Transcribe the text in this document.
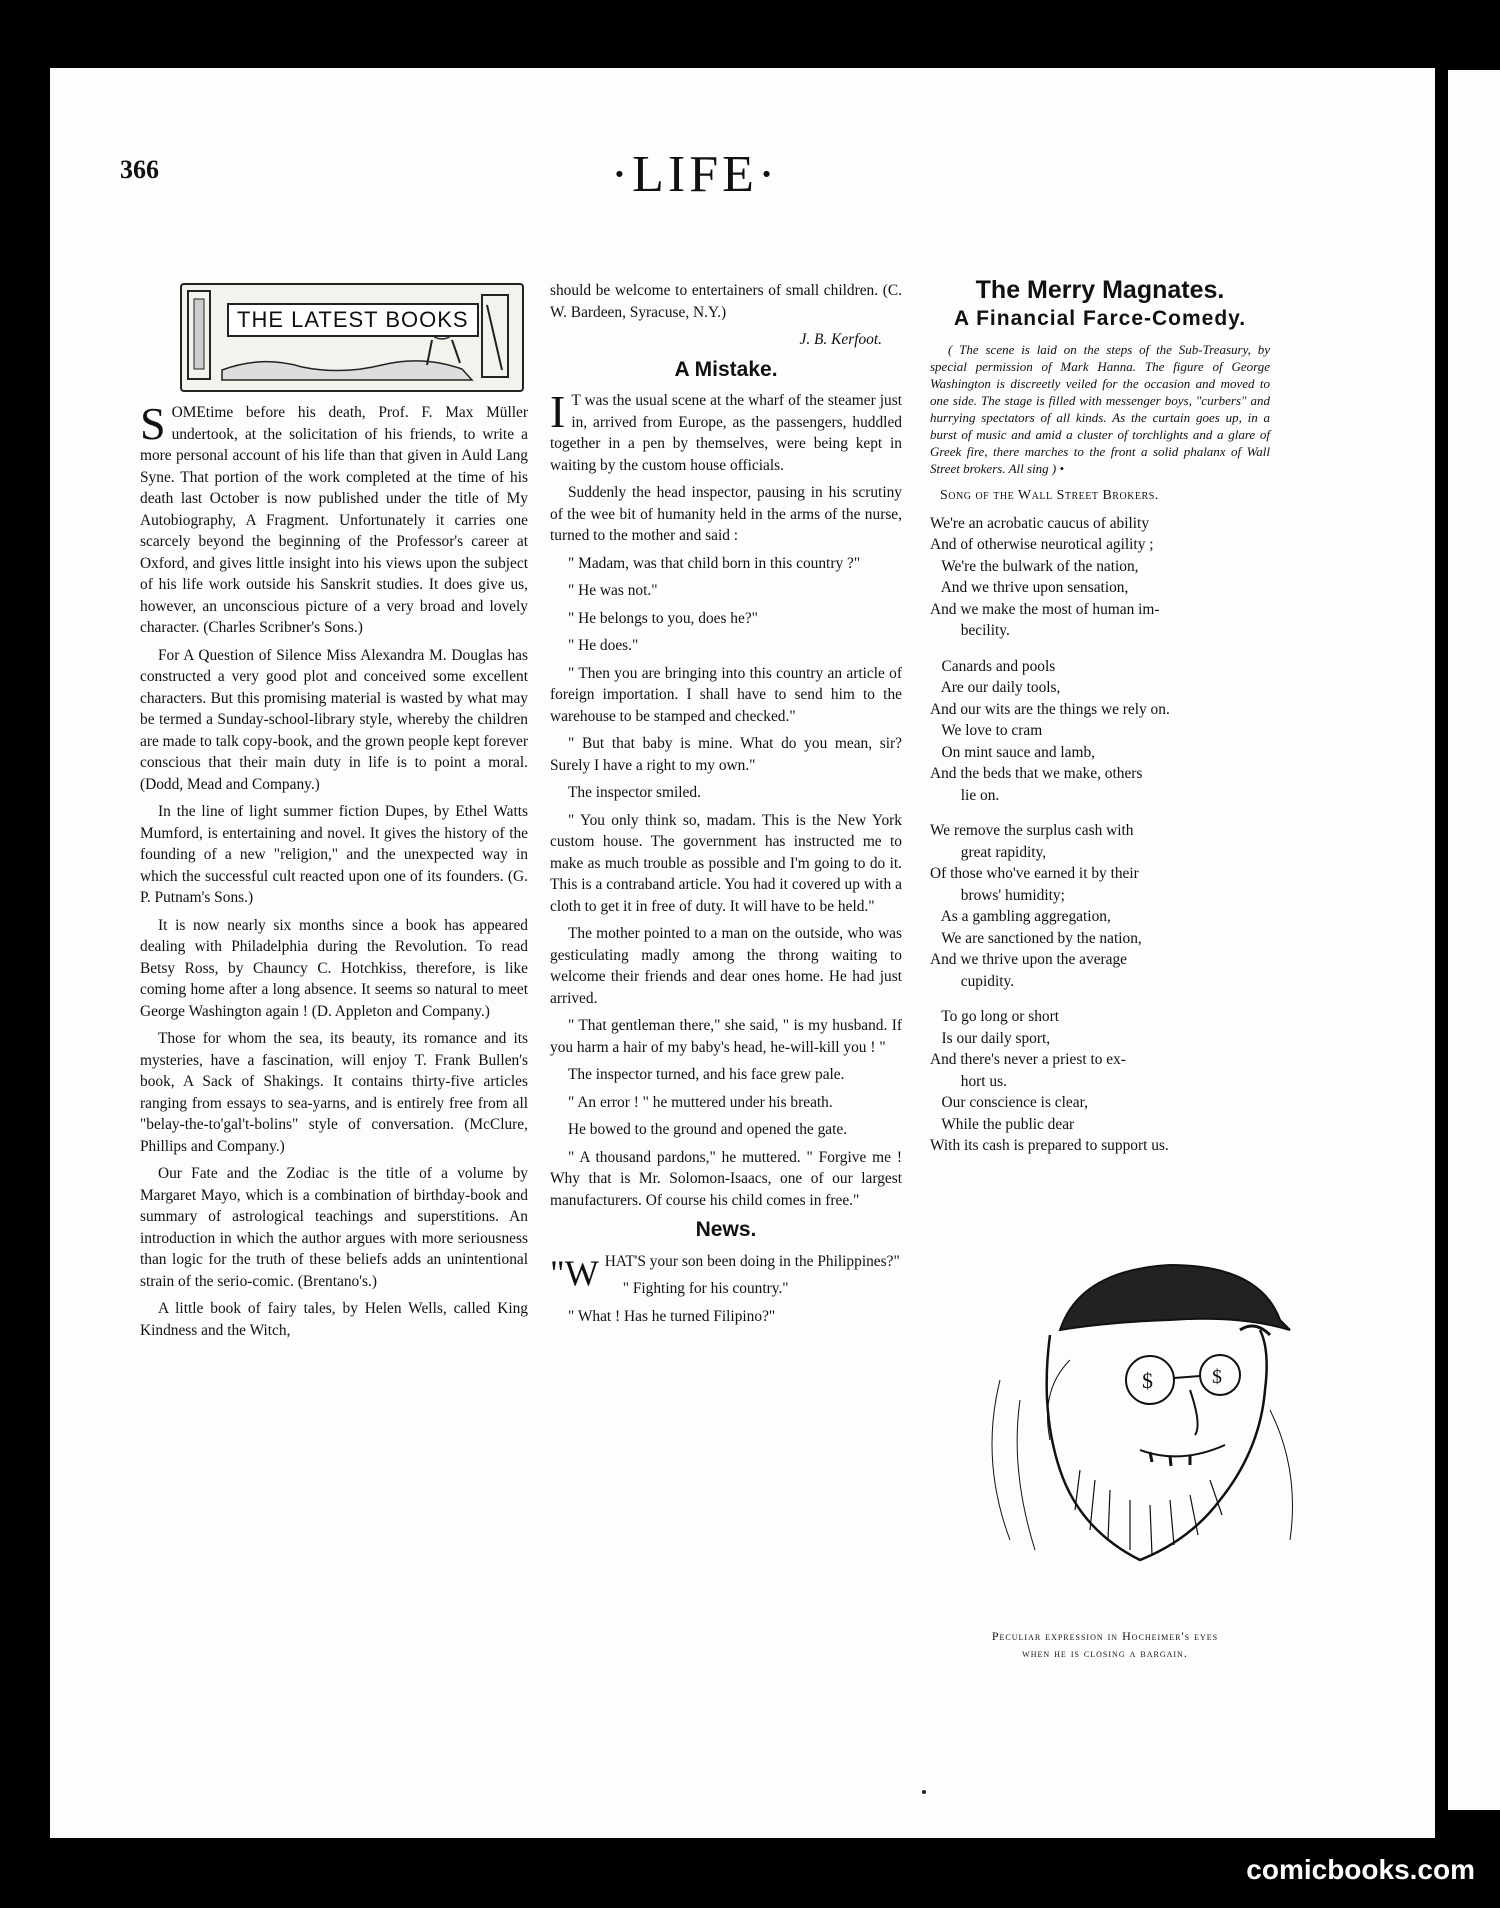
366	·LIFE·
THE LATEST BOOKS

S OMEtime before his death, Prof. F. Max Müller undertook, at the solicitation of his friends, to write a more personal account of his life than that given in Auld Lang Syne. That portion of the work completed at the time of his death last October is now published under the title of My Autobiography, A Fragment. Unfortunately it carries one scarcely beyond the beginning of the Professor's career at Oxford, and gives little insight into his views upon the subject of his life work outside his Sanskrit studies. It does give us, however, an unconscious picture of a very broad and lovely character. (Charles Scribner's Sons.)

For A Question of Silence Miss Alexandra M. Douglas has constructed a very good plot and conceived some excellent characters. But this promising material is wasted by what may be termed a Sunday-school-library style, whereby the children are made to talk copy-book, and the grown people kept forever conscious that their main duty in life is to point a moral. (Dodd, Mead and Company.)

In the line of light summer fiction Dupes, by Ethel Watts Mumford, is entertaining and novel. It gives the history of the founding of a new "religion," and the unexpected way in which the successful cult reacted upon one of its founders. (G. P. Putnam's Sons.)

It is now nearly six months since a book has appeared dealing with Philadelphia during the Revolution. To read Betsy Ross, by Chauncy C. Hotchkiss, therefore, is like coming home after a long absence. It seems so natural to meet George Washington again ! (D. Appleton and Company.)

Those for whom the sea, its beauty, its romance and its mysteries, have a fascination, will enjoy T. Frank Bullen's book, A Sack of Shakings. It contains thirty-five articles ranging from essays to sea-yarns, and is entirely free from all "belay-the-to'gal't-bolins" style of conversation. (McClure, Phillips and Company.)

Our Fate and the Zodiac is the title of a volume by Margaret Mayo, which is a combination of birthday-book and summary of astrological teachings and superstitions. An introduction in which the author argues with more seriousness than logic for the truth of these beliefs adds an unintentional strain of the serio-comic. (Brentano's.)

A little book of fairy tales, by Helen Wells, called King Kindness and the Witch,

should be welcome to entertainers of small children. (C. W. Bardeen, Syracuse, N.Y.)

J. B. Kerfoot.
A Mistake.

I T was the usual scene at the wharf of the steamer just in, arrived from Europe, as the passengers, huddled together in a pen by themselves, were being kept in waiting by the custom house officials.

Suddenly the head inspector, pausing in his scrutiny of the wee bit of humanity held in the arms of the nurse, turned to the mother and said :

" Madam, was that child born in this country ?"

" He was not."

" He belongs to you, does he?"

" He does."

" Then you are bringing into this country an article of foreign importation. I shall have to send him to the warehouse to be stamped and checked."

" But that baby is mine. What do you mean, sir? Surely I have a right to my own."

The inspector smiled.

" You only think so, madam. This is the New York custom house. The government has instructed me to make as much trouble as possible and I'm going to do it. This is a contraband article. You had it covered up with a cloth to get it in free of duty. It will have to be held."

The mother pointed to a man on the outside, who was gesticulating madly among the throng waiting to welcome their friends and dear ones home. He had just arrived.

" That gentleman there," she said, " is my husband. If you harm a hair of my baby's head, he-will-kill you ! "

The inspector turned, and his face grew pale.

" An error ! " he muttered under his breath.

He bowed to the ground and opened the gate.

" A thousand pardons," he muttered. " Forgive me ! Why that is Mr. Solomon-Isaacs, one of our largest manufacturers. Of course his child comes in free."

News.

"WHAT'S your son been doing in the Philippines?"

" Fighting for his country."

" What ! Has he turned Filipino?"

The Merry Magnates.
A Financial Farce-Comedy.

( The scene is laid on the steps of the Sub-Treasury, by special permission of Mark Hanna. The figure of George Washington is discreetly veiled for the occasion and moved to one side. The stage is filled with messenger boys, "curbers" and hurrying spectators of all kinds. As the curtain goes up, in a burst of music and amid a cluster of torchlights and a glare of Greek fire, there marches to the front a solid phalanx of Wall Street brokers. All sing ) •

Song of the Wall Street Brokers.
We're an acrobatic caucus of ability
And of otherwise neurotical agility ;
We're the bulwark of the nation,
And we thrive upon sensation,
And we make the most of human im-
becility.
Canards and pools
Are our daily tools,
And our wits are the things we rely on.
We love to cram
On mint sauce and lamb,
And the beds that we make, others
lie on.
We remove the surplus cash with
great rapidity,
Of those who've earned it by their
brows' humidity;
As a gambling aggregation,
We are sanctioned by the nation,
And we thrive upon the average
cupidity.
To go long or short
Is our daily sport,
And there's never a priest to ex-
hort us.
Our conscience is clear,
While the public dear
With its cash is prepared to support us.
$	$
Peculiar expression in Hocheimer's eyes
when he is closing a bargain.
comicbooks.com
